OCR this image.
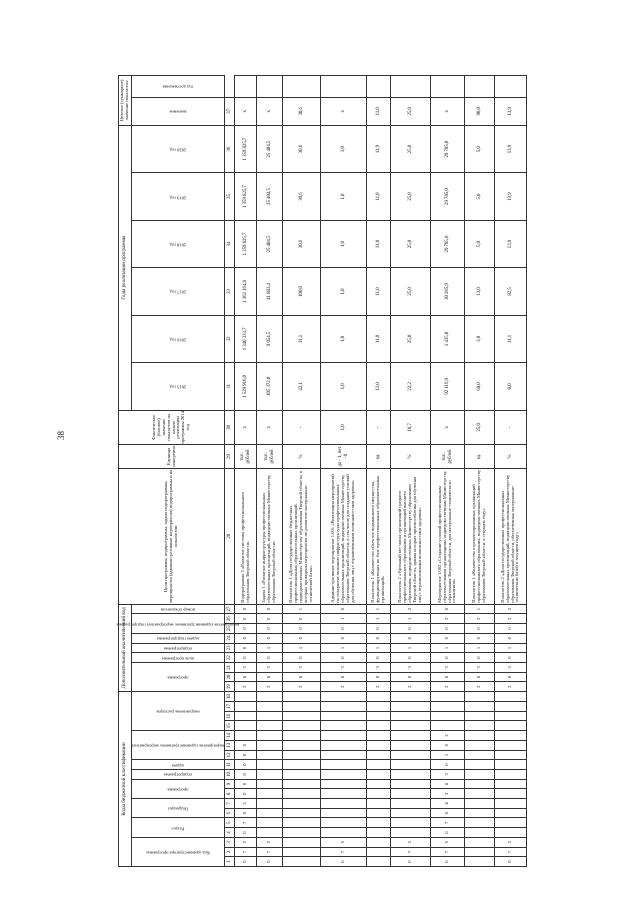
38
Коды бюджетной классификации																		Дополнительный аналитический код									Цели программы, подпрограммы, задачи подпрограммы, мероприятия (административные мероприятия) подпрограммы и их показатели	Единица измерения	Фактическое (базовое) значение показателя на начало реализации программы 2014 год	Годы реализации программы						Целевое (суммарное) значение показателя	

Код администратора программы			Раздел		Подраздел		программа		подпрограмма	задача	мероприятие (административное мероприятие)			направление расходов				программа			цель программы	подпрограмма	задача подпрограммы	мероприятие (административное мероприятие) подпрограммы		номер показателя				2015 год	2016 год	2017 год	2018 год	2019 год	2020 год	значение	год достижения

1	2	3	4	5	6	7	8	9	10	11	12	13	14	15	16	17	18	19	20	21	22	23	24	25	26	27	28	29	30	31	32	33	34	35	36	37	
0	7	5	0	7	0	3	0	0	0	0	0	0						2	8	3	0	0	0	0	0	0	Подпрограмма 3 «Развитие системы профессионального образования Тверской области»	тыс. рублей	х	1 529 916,0	1 340 333,7	1 362 164,8	1 359 825,7	1 359 825,7	1 359 825,7	х	
0	7	5																2	8	3	0	1	0	0	0	0	Задача 1 «Развитие инфраструктуры профессиональных образовательных организаций, подведомственных Министерству образования Тверской области»	тыс. рублей	х	105 372,0	9 054,5	41 883,4	25 404,5	25 404,5	25 404,5	х	
																		2	8	3	0	1	0	0	0	1	Показатель 1 «Доля государственных бюджетных профессиональных образовательных организаций, подведомственных Министерству образования Тверской области, в которых проведены мероприятия по развитию материально-технической базы»	%	-	42,1	11,1	100,0	30,6	30,6	30,6	30,6	
0	7	5																2	8	3	0	1	0	0	1	0	Административное мероприятие 1.001 «Реализация мероприятий по совершенствованию инфраструктуры профессиональных образовательных организаций, подведомственных Министерству образования Тверской области, в том числе для создания условий для обучения лиц с ограниченными возможностями здоровья»	да - 1, нет - 0	1,0	1,0	1,0	1,0	1,0	1,0	1,0	х	
																		2	8	3	0	1	0	0	1	1	Показатель 1 «Количество объектов недвижимого имущества, функционирующих по базе профессиональных образовательных организаций»	ед.	-	12,0	11,0	11,0	11,0	11,0	11,9	11,0	
0	7	5																2	8	3	0	1	0	0	1	2	Показатель 2 «Удельный вес числа организаций среднего профессионального образования и организаций высшего образования, подведомственных Министерству образования Тверской области, здания которых приспособлены для обучения лиц с ограниченными возможностями здоровья»	%	18,7	22,2	25,0	25,0	25,0	25,0	25,0	25,0	
0	7	5	0	7	0	4	2	8	3	0	1	0	2					2	8	3	0	1	0	0	2	0	Мероприятие 1.002 «Создание условий профессиональным образовательным организациям, подведомственным Министерству образования Тверской области, для материально-технического оснащения»	тыс. рублей	х	92 116,9	1 435,0	30 265,9	29 785,0	29 785,0	29 785,0	х	
																		2	8	3	0	1	0	0	2	1	Показатель 1 «Количество отремонтированных организаций профессионального образования, подведомственных Министерству образования Тверской области, в текущем году»	ед.	25,0	68,0	3,0	13,0	5,0	5,0	5,0	90,0	
0	7	5																2	8	3	0	1	0	0	2	2	Показатель 2 «Доля государственных профессиональных образовательных организаций, подведомственных Министерству образования Тверской области, обеспеченных материально-техническим базой в текущем году»	%	-	0,0	11,1	82,5	13,9	13,9	13,9	13,9	
